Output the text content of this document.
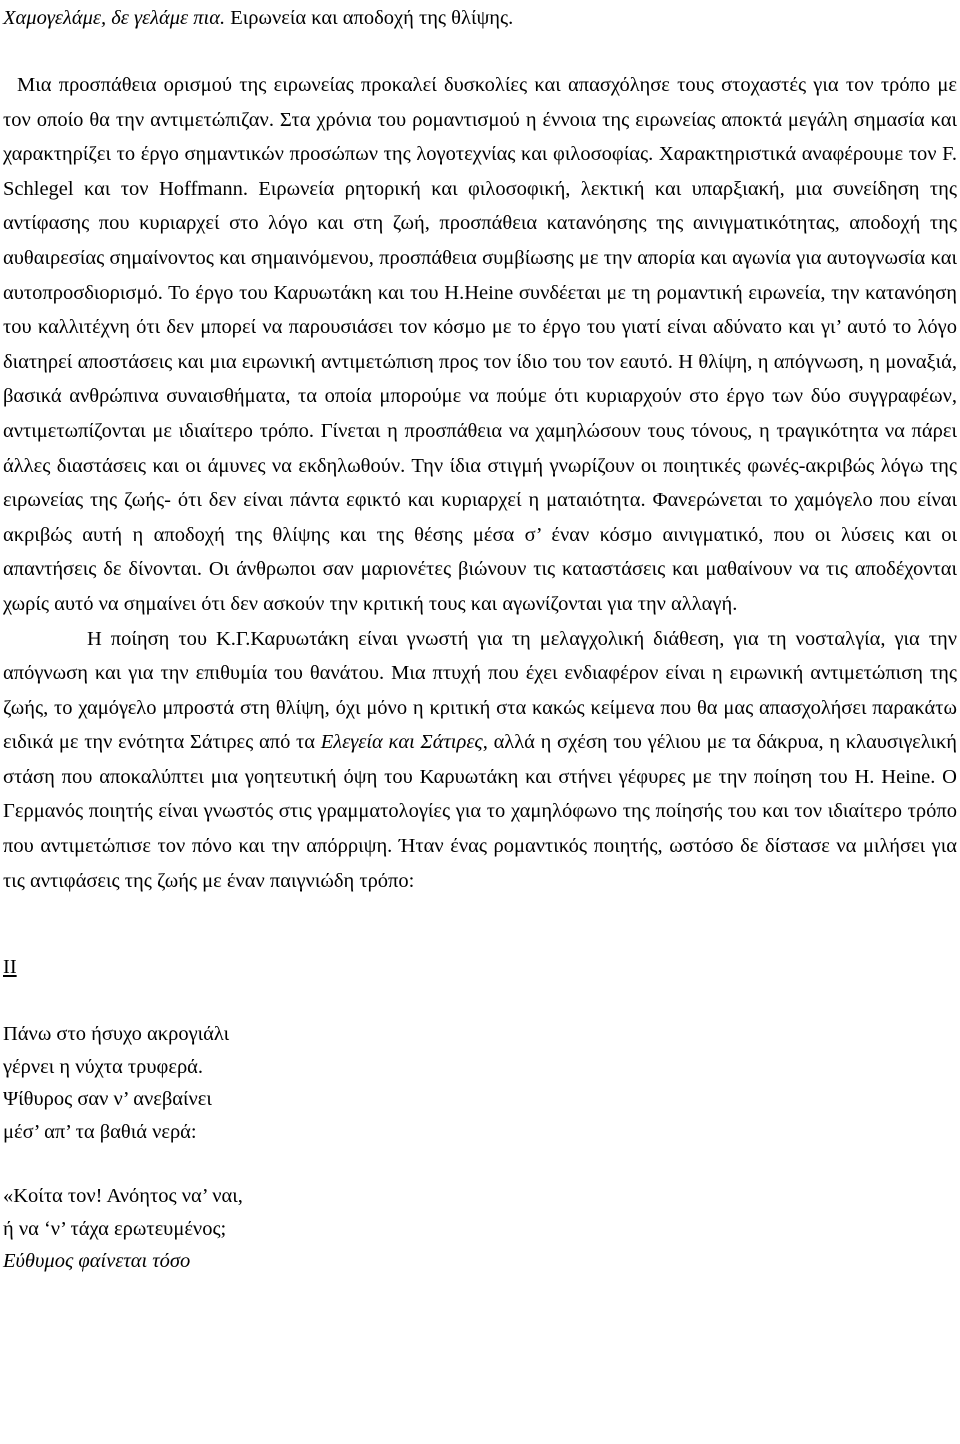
Χαμογελάμε, δε γελάμε πια. Ειρωνεία και αποδοχή της θλίψης.

Μια προσπάθεια ορισμού της ειρωνείας προκαλεί δυσκολίες και απασχόλησε τους στοχαστές για τον τρόπο με τον οποίο θα την αντιμετώπιζαν. Στα χρόνια του ρομαντισμού η έννοια της ειρωνείας αποκτά μεγάλη σημασία και χαρακτηρίζει το έργο σημαντικών προσώπων της λογοτεχνίας και φιλοσοφίας. Χαρακτηριστικά αναφέρουμε τον F. Schlegel και τον Hoffmann. Ειρωνεία ρητορική και φιλοσοφική, λεκτική και υπαρξιακή, μια συνείδηση της αντίφασης που κυριαρχεί στο λόγο και στη ζωή, προσπάθεια κατανόησης της αινιγματικότητας, αποδοχή της αυθαιρεσίας σημαίνοντος και σημαινόμενου, προσπάθεια συμβίωσης με την απορία και αγωνία για αυτογνωσία και αυτοπροσδιορισμό. Το έργο του Καρυωτάκη και του H.Heine συνδέεται με τη ρομαντική ειρωνεία, την κατανόηση του καλλιτέχνη ότι δεν μπορεί να παρουσιάσει τον κόσμο με το έργο του γιατί είναι αδύνατο και γι’ αυτό το λόγο διατηρεί αποστάσεις και μια ειρωνική αντιμετώπιση προς τον ίδιο του τον εαυτό. Η θλίψη, η απόγνωση, η μοναξιά, βασικά ανθρώπινα συναισθήματα, τα οποία μπορούμε να πούμε ότι κυριαρχούν στο έργο των δύο συγγραφέων, αντιμετωπίζονται με ιδιαίτερο τρόπο. Γίνεται η προσπάθεια να χαμηλώσουν τους τόνους, η τραγικότητα να πάρει άλλες διαστάσεις και οι άμυνες να εκδηλωθούν. Την ίδια στιγμή γνωρίζουν οι ποιητικές φωνές-ακριβώς λόγω της ειρωνείας της ζωής- ότι δεν είναι πάντα εφικτό και κυριαρχεί η ματαιότητα. Φανερώνεται το χαμόγελο που είναι ακριβώς αυτή η αποδοχή της θλίψης και της θέσης μέσα σ’ έναν κόσμο αινιγματικό, που οι λύσεις και οι απαντήσεις δε δίνονται. Οι άνθρωποι σαν μαριονέτες βιώνουν τις καταστάσεις και μαθαίνουν να τις αποδέχονται χωρίς αυτό να σημαίνει ότι δεν ασκούν την κριτική τους και αγωνίζονται για την αλλαγή.

Η ποίηση του Κ.Γ.Καρυωτάκη είναι γνωστή για τη μελαγχολική διάθεση, για τη νοσταλγία, για την απόγνωση και για την επιθυμία του θανάτου. Μια πτυχή που έχει ενδιαφέρον είναι η ειρωνική αντιμετώπιση της ζωής, το χαμόγελο μπροστά στη θλίψη, όχι μόνο η κριτική στα κακώς κείμενα που θα μας απασχολήσει παρακάτω ειδικά με την ενότητα Σάτιρες από τα Ελεγεία και Σάτιρες, αλλά η σχέση του γέλιου με τα δάκρυα, η κλαυσιγελική στάση που αποκαλύπτει μια γοητευτική όψη του Καρυωτάκη και στήνει γέφυρες με την ποίηση του Η. Heine. Ο Γερμανός ποιητής είναι γνωστός στις γραμματολογίες για το χαμηλόφωνο της ποίησής του και τον ιδιαίτερο τρόπο που αντιμετώπισε τον πόνο και την απόρριψη. Ήταν ένας ρομαντικός ποιητής, ωστόσο δε δίστασε να μιλήσει για τις αντιφάσεις της ζωής με έναν παιγνιώδη τρόπο:

II

Πάνω στο ήσυχο ακρογιάλι
γέρνει η νύχτα τρυφερά.
Ψίθυρος σαν ν’ ανεβαίνει
μέσ’ απ’ τα βαθιά νερά:

«Κοίτα τον! Ανόητος να’ ναι,
ή να ‘ν’ τάχα ερωτευμένος;
Εύθυμος φαίνεται τόσο
